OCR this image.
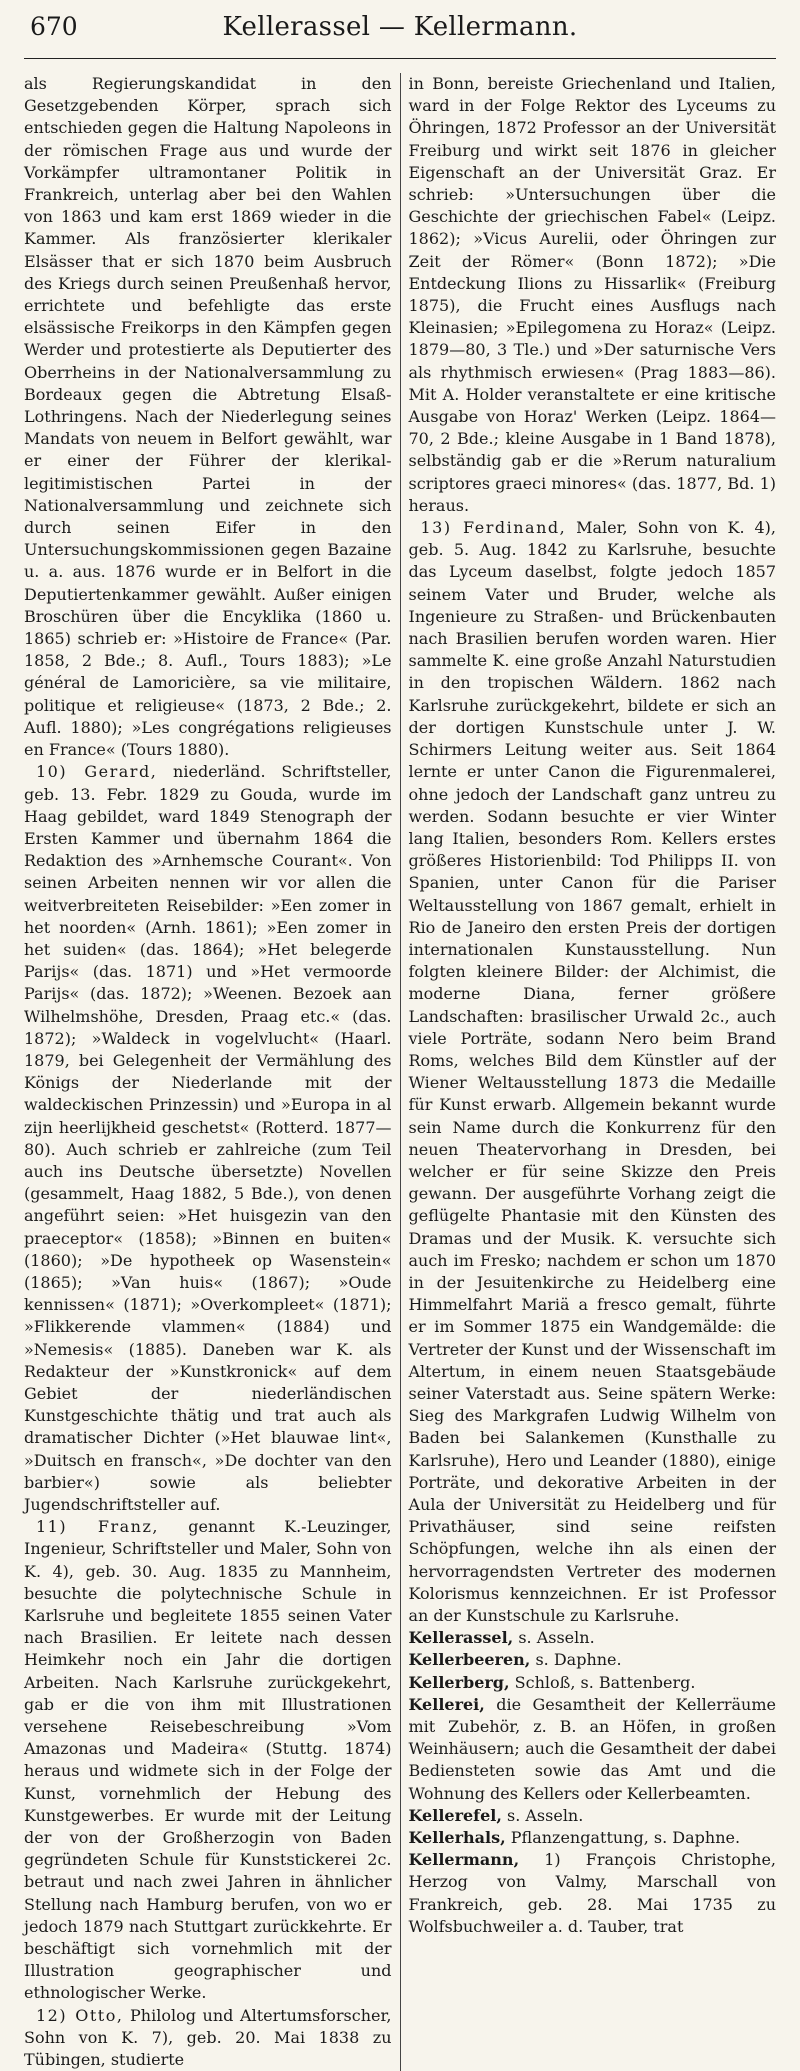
670	Kellerassel — Kellermann.

als Regierungskandidat in den Gesetzgebenden Körper, sprach sich entschieden gegen die Haltung Napoleons in der römischen Frage aus und wurde der Vorkämpfer ultramontaner Politik in Frankreich, unterlag aber bei den Wahlen von 1863 und kam erst 1869 wieder in die Kammer. Als französierter klerikaler Elsässer that er sich 1870 beim Ausbruch des Kriegs durch seinen Preußenhaß hervor, errichtete und befehligte das erste elsässische Freikorps in den Kämpfen gegen Werder und protestierte als Deputierter des Oberrheins in der Nationalversammlung zu Bordeaux gegen die Abtretung Elsaß-Lothringens. Nach der Niederlegung seines Mandats von neuem in Belfort gewählt, war er einer der Führer der klerikal-legitimistischen Partei in der Nationalversammlung und zeichnete sich durch seinen Eifer in den Untersuchungskommissionen gegen Bazaine u. a. aus. 1876 wurde er in Belfort in die Deputiertenkammer gewählt. Außer einigen Broschüren über die Encyklika (1860 u. 1865) schrieb er: »Histoire de France« (Par. 1858, 2 Bde.; 8. Aufl., Tours 1883); »Le général de Lamoricière, sa vie militaire, politique et religieuse« (1873, 2 Bde.; 2. Aufl. 1880); »Les congrégations religieuses en France« (Tours 1880).

10) Gerard, niederländ. Schriftsteller, geb. 13. Febr. 1829 zu Gouda, wurde im Haag gebildet, ward 1849 Stenograph der Ersten Kammer und übernahm 1864 die Redaktion des »Arnhemsche Courant«. Von seinen Arbeiten nennen wir vor allen die weitverbreiteten Reisebilder: »Een zomer in het noorden« (Arnh. 1861); »Een zomer in het suiden« (das. 1864); »Het belegerde Parijs« (das. 1871) und »Het vermoorde Parijs« (das. 1872); »Weenen. Bezoek aan Wilhelmshöhe, Dresden, Praag etc.« (das. 1872); »Waldeck in vogelvlucht« (Haarl. 1879, bei Gelegenheit der Vermählung des Königs der Niederlande mit der waldeckischen Prinzessin) und »Europa in al zijn heerlijkheid geschetst« (Rotterd. 1877—80). Auch schrieb er zahlreiche (zum Teil auch ins Deutsche übersetzte) Novellen (gesammelt, Haag 1882, 5 Bde.), von denen angeführt seien: »Het huisgezin van den praeceptor« (1858); »Binnen en buiten« (1860); »De hypotheek op Wasenstein« (1865); »Van huis« (1867); »Oude kennissen« (1871); »Overkompleet« (1871); »Flikkerende vlammen« (1884) und »Nemesis« (1885). Daneben war K. als Redakteur der »Kunstkronick« auf dem Gebiet der niederländischen Kunstgeschichte thätig und trat auch als dramatischer Dichter (»Het blauwae lint«, »Duitsch en fransch«, »De dochter van den barbier«) sowie als beliebter Jugendschriftsteller auf.

11) Franz, genannt K.-Leuzinger, Ingenieur, Schriftsteller und Maler, Sohn von K. 4), geb. 30. Aug. 1835 zu Mannheim, besuchte die polytechnische Schule in Karlsruhe und begleitete 1855 seinen Vater nach Brasilien. Er leitete nach dessen Heimkehr noch ein Jahr die dortigen Arbeiten. Nach Karlsruhe zurückgekehrt, gab er die von ihm mit Illustrationen versehene Reisebeschreibung »Vom Amazonas und Madeira« (Stuttg. 1874) heraus und widmete sich in der Folge der Kunst, vornehmlich der Hebung des Kunstgewerbes. Er wurde mit der Leitung der von der Großherzogin von Baden gegründeten Schule für Kunststickerei 2c. betraut und nach zwei Jahren in ähnlicher Stellung nach Hamburg berufen, von wo er jedoch 1879 nach Stuttgart zurückkehrte. Er beschäftigt sich vornehmlich mit der Illustration geographischer und ethnologischer Werke.

12) Otto, Philolog und Altertumsforscher, Sohn von K. 7), geb. 20. Mai 1838 zu Tübingen, studierte

in Bonn, bereiste Griechenland und Italien, ward in der Folge Rektor des Lyceums zu Öhringen, 1872 Professor an der Universität Freiburg und wirkt seit 1876 in gleicher Eigenschaft an der Universität Graz. Er schrieb: »Untersuchungen über die Geschichte der griechischen Fabel« (Leipz. 1862); »Vicus Aurelii, oder Öhringen zur Zeit der Römer« (Bonn 1872); »Die Entdeckung Ilions zu Hissarlik« (Freiburg 1875), die Frucht eines Ausflugs nach Kleinasien; »Epilegomena zu Horaz« (Leipz. 1879—80, 3 Tle.) und »Der saturnische Vers als rhythmisch erwiesen« (Prag 1883—86). Mit A. Holder veranstaltete er eine kritische Ausgabe von Horaz' Werken (Leipz. 1864—70, 2 Bde.; kleine Ausgabe in 1 Band 1878), selbständig gab er die »Rerum naturalium scriptores graeci minores« (das. 1877, Bd. 1) heraus.

13) Ferdinand, Maler, Sohn von K. 4), geb. 5. Aug. 1842 zu Karlsruhe, besuchte das Lyceum daselbst, folgte jedoch 1857 seinem Vater und Bruder, welche als Ingenieure zu Straßen- und Brückenbauten nach Brasilien berufen worden waren. Hier sammelte K. eine große Anzahl Naturstudien in den tropischen Wäldern. 1862 nach Karlsruhe zurückgekehrt, bildete er sich an der dortigen Kunstschule unter J. W. Schirmers Leitung weiter aus. Seit 1864 lernte er unter Canon die Figurenmalerei, ohne jedoch der Landschaft ganz untreu zu werden. Sodann besuchte er vier Winter lang Italien, besonders Rom. Kellers erstes größeres Historienbild: Tod Philipps II. von Spanien, unter Canon für die Pariser Weltausstellung von 1867 gemalt, erhielt in Rio de Janeiro den ersten Preis der dortigen internationalen Kunstausstellung. Nun folgten kleinere Bilder: der Alchimist, die moderne Diana, ferner größere Landschaften: brasilischer Urwald 2c., auch viele Porträte, sodann Nero beim Brand Roms, welches Bild dem Künstler auf der Wiener Weltausstellung 1873 die Medaille für Kunst erwarb. Allgemein bekannt wurde sein Name durch die Konkurrenz für den neuen Theatervorhang in Dresden, bei welcher er für seine Skizze den Preis gewann. Der ausgeführte Vorhang zeigt die geflügelte Phantasie mit den Künsten des Dramas und der Musik. K. versuchte sich auch im Fresko; nachdem er schon um 1870 in der Jesuitenkirche zu Heidelberg eine Himmelfahrt Mariä a fresco gemalt, führte er im Sommer 1875 ein Wandgemälde: die Vertreter der Kunst und der Wissenschaft im Altertum, in einem neuen Staatsgebäude seiner Vaterstadt aus. Seine spätern Werke: Sieg des Markgrafen Ludwig Wilhelm von Baden bei Salankemen (Kunsthalle zu Karlsruhe), Hero und Leander (1880), einige Porträte, und dekorative Arbeiten in der Aula der Universität zu Heidelberg und für Privathäuser, sind seine reifsten Schöpfungen, welche ihn als einen der hervorragendsten Vertreter des modernen Kolorismus kennzeichnen. Er ist Professor an der Kunstschule zu Karlsruhe.

Kellerassel, s. Asseln.

Kellerbeeren, s. Daphne.

Kellerberg, Schloß, s. Battenberg.

Kellerei, die Gesamtheit der Kellerräume mit Zubehör, z. B. an Höfen, in großen Weinhäusern; auch die Gesamtheit der dabei Bediensteten sowie das Amt und die Wohnung des Kellers oder Kellerbeamten.

Kellerefel, s. Asseln.

Kellerhals, Pflanzengattung, s. Daphne.

Kellermann, 1) François Christophe, Herzog von Valmy, Marschall von Frankreich, geb. 28. Mai 1735 zu Wolfsbuchweiler a. d. Tauber, trat
